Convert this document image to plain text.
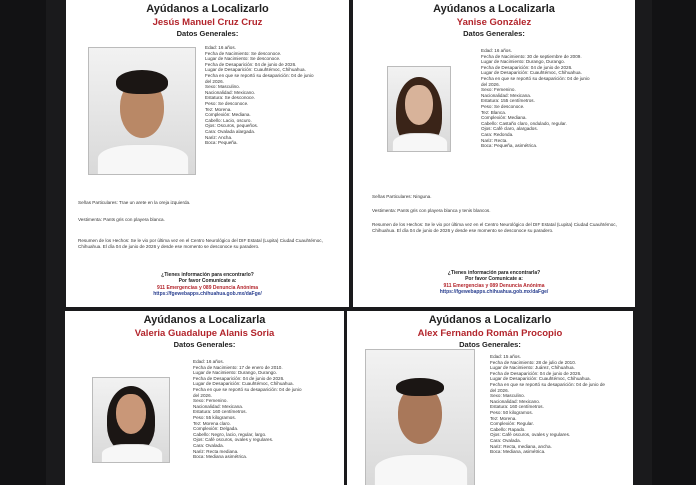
Ayúdanos a Localizarlo
Jesús Manuel Cruz Cruz
Datos Generales:
Edad: 16 años.
Fecha de Nacimiento: Se desconoce.
Lugar de Nacimiento: Se desconoce.
Fecha de Desaparición: 04 de junio de 2026.
Lugar de Desaparición: Cuauhtémoc, Chihuahua.
Fecha en que se reportó su desaparición: 04 de junio
del 2026.
Sexo: Masculino.
Nacionalidad: Mexicano.
Estatura: Se desconoce.
Peso: Se desconoce.
Tez: Morena.
Complexión: Mediana.
Cabello: Lacio, oscuro.
Ojos: Oscuros, pequeños.
Cara: Ovalada alargada.
Nariz: Ancha.
Boca: Pequeña.
Señas Particulares: Trae un arete en la oreja izquierda.
Vestimenta: Pants gris con playera blanca.
Resumen de los Hechos: Se le vio por última vez en el Centro Neurológico del DIF Estatal (Lupita) Ciudad Cuauhtémoc, Chihuahua. El día 04 de junio de 2026 y desde ese momento se desconoce su paradero.
¿Tienes información para encontrarlo?
Por favor Comunícate a:
911 Emergencias y 089 Denuncia Anónima
https://fgewebapps.chihuahua.gob.mx/daFge/
Ayúdanos a Localizarla
Yanise González
Datos Generales:
Edad: 16 años.
Fecha de Nacimiento: 30 de septiembre de 2009.
Lugar de Nacimiento: Durango, Durango.
Fecha de Desaparición: 04 de junio de 2026.
Lugar de Desaparición: Cuauhtémoc, Chihuahua.
Fecha en que se reportó su desaparición: 04 de junio
del 2026.
Sexo: Femenino.
Nacionalidad: Mexicana.
Estatura: 155 centímetros.
Peso: Se desconoce.
Tez: Blanca.
Complexión: Mediana.
Cabello: Castaño claro, ondulado, regular.
Ojos: Café claro, alargados.
Cara: Redonda.
Nariz: Recta.
Boca: Pequeña, asimétrica.
Señas Particulares: Ninguna.
Vestimenta: Pants gris con playera blanca y tenis blancos.
Resumen de los Hechos: Se le vio por última vez en el Centro Neurológico del DIF Estatal (Lupita) Ciudad Cuauhtémoc, Chihuahua. El día 04 de junio de 2026 y desde ese momento se desconoce su paradero.
¿Tienes información para encontrarla?
Por favor Comunícate a:
911 Emergencias y 089 Denuncia Anónima
https://fgewebapps.chihuahua.gob.mx/daFge/
Ayúdanos a Localizarla
Valeria Guadalupe Alanis Soria
Datos Generales:
Edad: 16 años.
Fecha de Nacimiento: 17 de enero de 2010.
Lugar de Nacimiento: Durango, Durango.
Fecha de Desaparición: 04 de junio de 2026.
Lugar de Desaparición: Cuauhtémoc, Chihuahua.
Fecha en que se reportó su desaparición: 04 de junio
del 2026.
Sexo: Femenino.
Nacionalidad: Mexicana.
Estatura: 160 centímetros.
Peso: 55 kilogramos.
Tez: Morena claro.
Complexión: Delgada.
Cabello: Negro, lacio, regular, largo.
Ojos: Café oscuros, ovales y regulares.
Cara: Ovalada.
Nariz: Recta mediana.
Boca: Mediana asimétrica.
Ayúdanos a Localizarlo
Alex Fernando Román Procopio
Datos Generales:
Edad: 15 años.
Fecha de Nacimiento: 28 de julio de 2010.
Lugar de Nacimiento: Juárez, Chihuahua.
Fecha de Desaparición: 04 de junio de 2026.
Lugar de Desaparición: Cuauhtémoc, Chihuahua.
Fecha en que se reportó su desaparición: 04 de junio de
del 2026.
Sexo: Masculino.
Nacionalidad: Mexicano.
Estatura: 160 centímetros.
Peso: 50 kilogramos.
Tez: Morena.
Complexión: Regular.
Cabello: Rapado.
Ojos: Café oscuros, ovales y regulares.
Cara: Ovalada.
Nariz: Recta, mediana, ancha.
Boca: Mediana, asimétrica.
